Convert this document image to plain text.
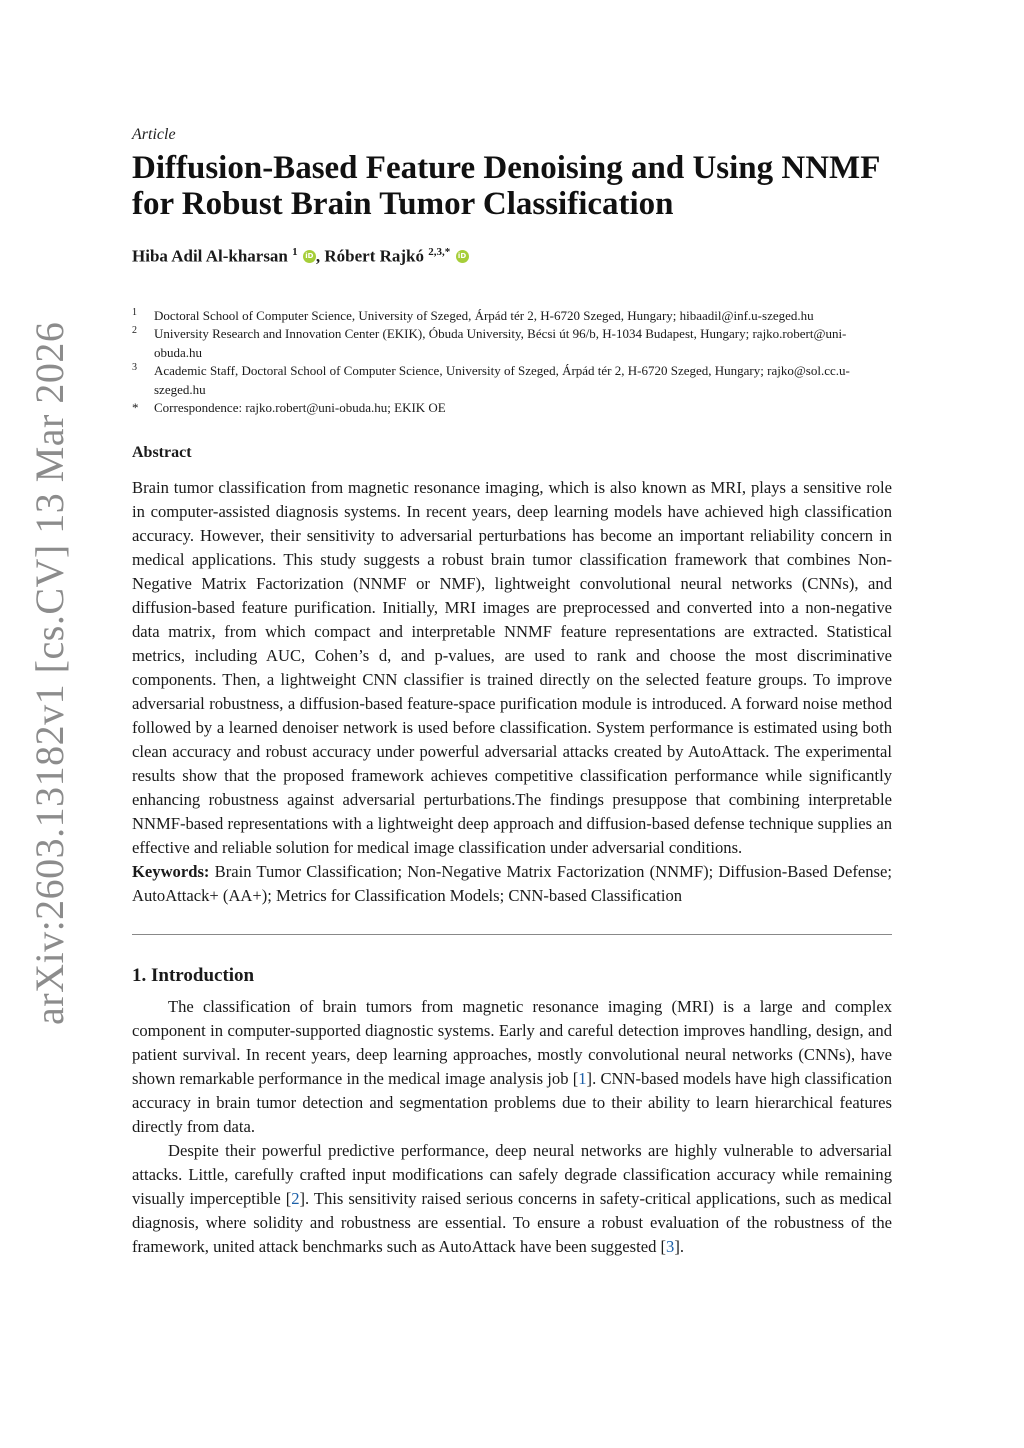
arXiv:2603.13182v1 [cs.CV] 13 Mar 2026

Article

Diffusion-Based Feature Denoising and Using NNMF for Robust Brain Tumor Classification
Hiba Adil Al-kharsan $^1$ iD , Róbert Rajkó $^{2,3,*}$ iD
1	Doctoral School of Computer Science, University of Szeged, Árpád tér 2, H-6720 Szeged, Hungary; hibaadil@inf.u-szeged.hu
2	University Research and Innovation Center (EKIK), Óbuda University, Bécsi út 96/b, H-1034 Budapest, Hungary; rajko.robert@uni-obuda.hu
3	Academic Staff, Doctoral School of Computer Science, University of Szeged, Árpád tér 2, H-6720 Szeged, Hungary; rajko@sol.cc.u-szeged.hu
*	Correspondence: rajko.robert@uni-obuda.hu; EKIK OE

Abstract

Brain tumor classification from magnetic resonance imaging, which is also known as MRI, plays a sensitive role in computer-assisted diagnosis systems. In recent years, deep learning models have achieved high classification accuracy. However, their sensitivity to adversarial perturbations has become an important reliability concern in medical applications. This study suggests a robust brain tumor classification framework that combines Non-Negative Matrix Factorization (NNMF or NMF), lightweight convolutional neural networks (CNNs), and diffusion-based feature purification. Initially, MRI images are preprocessed and converted into a non-negative data matrix, from which compact and interpretable NNMF feature representations are extracted. Statistical metrics, including AUC, Cohen’s d, and p-values, are used to rank and choose the most discriminative components. Then, a lightweight CNN classifier is trained directly on the selected feature groups. To improve adversarial robustness, a diffusion-based feature-space purification module is introduced. A forward noise method followed by a learned denoiser network is used before classification. System performance is estimated using both clean accuracy and robust accuracy under powerful adversarial attacks created by AutoAttack. The experimental results show that the proposed framework achieves competitive classification performance while significantly enhancing robustness against adversarial perturbations.The findings presuppose that combining interpretable NNMF-based representations with a lightweight deep approach and diffusion-based defense technique supplies an effective and reliable solution for medical image classification under adversarial conditions.

Keywords: Brain Tumor Classification; Non-Negative Matrix Factorization (NNMF); Diffusion-Based Defense; AutoAttack+ (AA+); Metrics for Classification Models; CNN-based Classification

1. Introduction

The classification of brain tumors from magnetic resonance imaging (MRI) is a large and complex component in computer-supported diagnostic systems. Early and careful detection improves handling, design, and patient survival. In recent years, deep learning approaches, mostly convolutional neural networks (CNNs), have shown remarkable performance in the medical image analysis job [1]. CNN-based models have high classification accuracy in brain tumor detection and segmentation problems due to their ability to learn hierarchical features directly from data.

Despite their powerful predictive performance, deep neural networks are highly vulnerable to adversarial attacks. Little, carefully crafted input modifications can safely degrade classification accuracy while remaining visually imperceptible [2]. This sensitivity raised serious concerns in safety-critical applications, such as medical diagnosis, where solidity and robustness are essential. To ensure a robust evaluation of the robustness of the framework, united attack benchmarks such as AutoAttack have been suggested [3].
